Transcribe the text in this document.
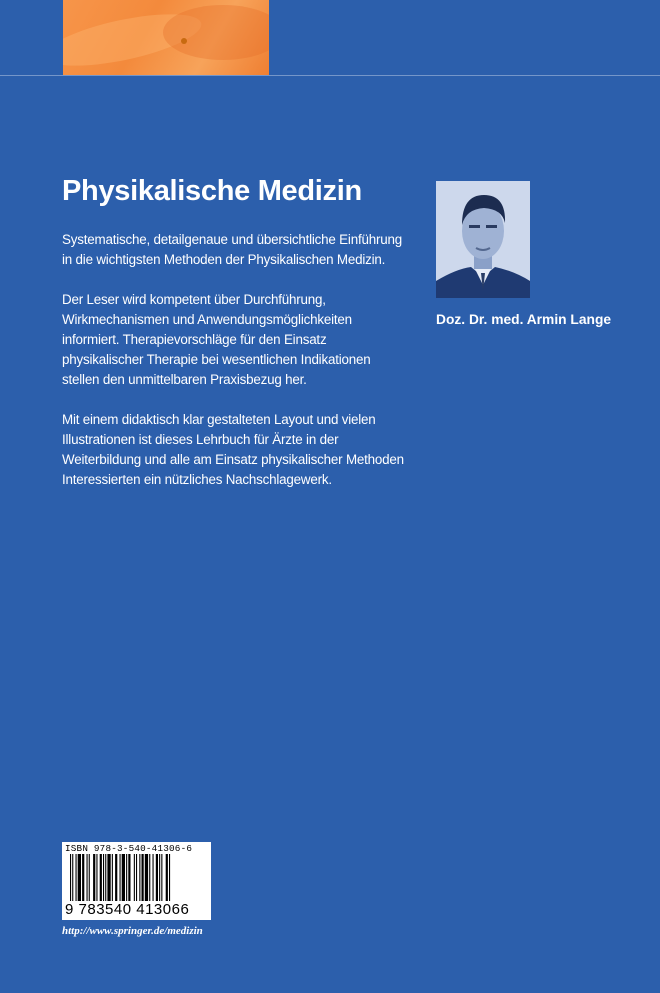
Physikalische Medizin

Systematische, detailgenaue und übersichtliche Einführung in die wichtigsten Methoden der Physikalischen Medizin.

Der Leser wird kompetent über Durchführung, Wirkmechanismen und Anwendungsmöglichkeiten informiert. Therapievorschläge für den Einsatz physikalischer Therapie bei wesentlichen Indikationen stellen den unmittelbaren Praxisbezug her.

Mit einem didaktisch klar gestalteten Layout und vielen Illustrationen ist dieses Lehrbuch für Ärzte in der Weiterbildung und alle am Einsatz physikalischer Methoden Interessierten ein nützliches Nachschlagewerk.

Doz. Dr. med. Armin Lange
ISBN 978-3-540-41306-6
9 783540 413066
http://www.springer.de/medizin
